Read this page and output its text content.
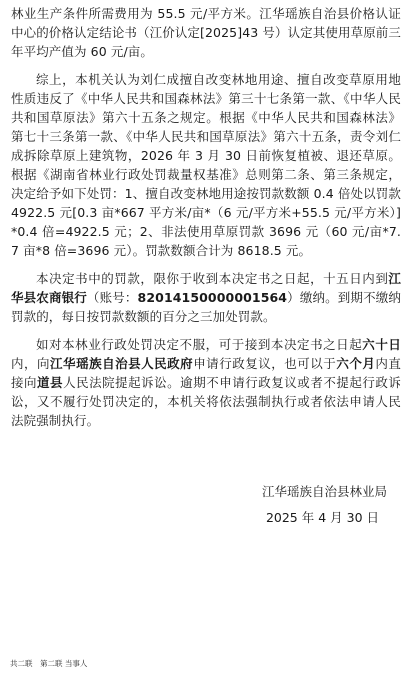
林业生产条件所需费用为 55.5 元/平方米。江华瑶族自治县价格认证中心的价格认定结论书（江价认定[2025]43 号）认定其使用草原前三年平均产值为 60 元/亩。

综上，本机关认为刘仁成擅自改变林地用途、擅自改变草原用地性质违反了《中华人民共和国森林法》第三十七条第一款、《中华人民共和国草原法》第六十五条之规定。根据《中华人民共和国森林法》第七十三条第一款、《中华人民共和国草原法》第六十五条，责令刘仁成拆除草原上建筑物，2026 年 3 月 30 日前恢复植被、退还草原。根据《湖南省林业行政处罚裁量权基准》总则第二条、第三条规定，决定给予如下处罚：1、擅自改变林地用途按罚款数额 0.4 倍处以罚款 4922.5 元[0.3 亩*667 平方米/亩*（6 元/平方米+55.5 元/平方米）]*0.4 倍=4922.5 元；2、非法使用草原罚款 3696 元（60 元/亩*7.7 亩*8 倍=3696 元）。罚款数额合计为 8618.5 元。

本决定书中的罚款，限你于收到本决定书之日起，十五日内到江华县农商银行（账号：82014150000001564）缴纳。到期不缴纳罚款的，每日按罚款数额的百分之三加处罚款。

如对本林业行政处罚决定不服，可于接到本决定书之日起六十日内，向江华瑶族自治县人民政府申请行政复议，也可以于六个月内直接向道县人民法院提起诉讼。逾期不申请行政复议或者不提起行政诉讼，又不履行处罚决定的，本机关将依法强制执行或者依法申请人民法院强制执行。

江华瑶族自治县林业局
2025 年 4 月 30 日
共二联　第二联 当事人
